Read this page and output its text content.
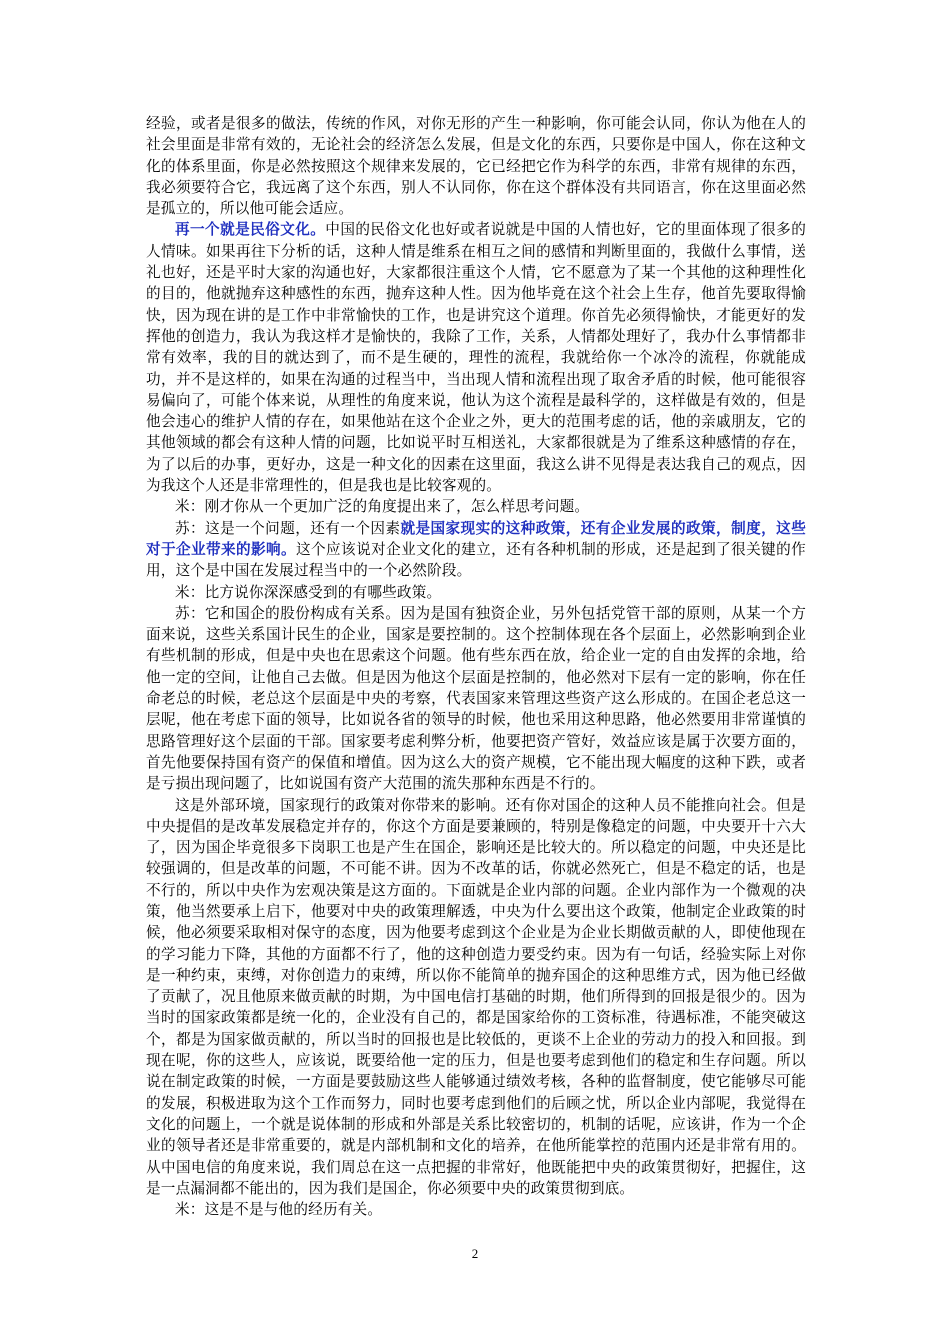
经验，或者是很多的做法，传统的作风，对你无形的产生一种影响，你可能会认同，你认为他在人的社会里面是非常有效的，无论社会的经济怎么发展，但是文化的东西，只要你是中国人，你在这种文化的体系里面，你是必然按照这个规律来发展的，它已经把它作为科学的东西，非常有规律的东西，我必须要符合它，我远离了这个东西，别人不认同你，你在这个群体没有共同语言，你在这里面必然是孤立的，所以他可能会适应。

再一个就是民俗文化。中国的民俗文化也好或者说就是中国的人情也好，它的里面体现了很多的人情味。如果再往下分析的话，这种人情是维系在相互之间的感情和判断里面的，我做什么事情，送礼也好，还是平时大家的沟通也好，大家都很注重这个人情，它不愿意为了某一个其他的这种理性化的目的，他就抛弃这种感性的东西，抛弃这种人性。因为他毕竟在这个社会上生存，他首先要取得愉快，因为现在讲的是工作中非常愉快的工作，也是讲究这个道理。你首先必须得愉快，才能更好的发挥他的创造力，我认为我这样才是愉快的，我除了工作，关系，人情都处理好了，我办什么事情都非常有效率，我的目的就达到了，而不是生硬的，理性的流程，我就给你一个冰冷的流程，你就能成功，并不是这样的，如果在沟通的过程当中，当出现人情和流程出现了取舍矛盾的时候，他可能很容易偏向了，可能个体来说，从理性的角度来说，他认为这个流程是最科学的，这样做是有效的，但是他会违心的维护人情的存在，如果他站在这个企业之外，更大的范围考虑的话，他的亲戚朋友，它的其他领域的都会有这种人情的问题，比如说平时互相送礼，大家都很就是为了维系这种感情的存在，为了以后的办事，更好办，这是一种文化的因素在这里面，我这么讲不见得是表达我自己的观点，因为我这个人还是非常理性的，但是我也是比较客观的。

米：刚才你从一个更加广泛的角度提出来了，怎么样思考问题。

苏：这是一个问题，还有一个因素就是国家现实的这种政策，还有企业发展的政策，制度，这些对于企业带来的影响。这个应该说对企业文化的建立，还有各种机制的形成，还是起到了很关键的作用，这个是中国在发展过程当中的一个必然阶段。

米：比方说你深深感受到的有哪些政策。

苏：它和国企的股份构成有关系。因为是国有独资企业，另外包括党管干部的原则，从某一个方面来说，这些关系国计民生的企业，国家是要控制的。这个控制体现在各个层面上，必然影响到企业有些机制的形成，但是中央也在思索这个问题。他有些东西在放，给企业一定的自由发挥的余地，给他一定的空间，让他自己去做。但是因为他这个层面是控制的，他必然对下层有一定的影响，你在任命老总的时候，老总这个层面是中央的考察，代表国家来管理这些资产这么形成的。在国企老总这一层呢，他在考虑下面的领导，比如说各省的领导的时候，他也采用这种思路，他必然要用非常谨慎的思路管理好这个层面的干部。国家要考虑利弊分析，他要把资产管好，效益应该是属于次要方面的，首先他要保持国有资产的保值和增值。因为这么大的资产规模，它不能出现大幅度的这种下跌，或者是亏损出现问题了，比如说国有资产大范围的流失那种东西是不行的。

这是外部环境，国家现行的政策对你带来的影响。还有你对国企的这种人员不能推向社会。但是中央提倡的是改革发展稳定并存的，你这个方面是要兼顾的，特别是像稳定的问题，中央要开十六大了，因为国企毕竟很多下岗职工也是产生在国企，影响还是比较大的。所以稳定的问题，中央还是比较强调的，但是改革的问题，不可能不讲。因为不改革的话，你就必然死亡，但是不稳定的话，也是不行的，所以中央作为宏观决策是这方面的。下面就是企业内部的问题。企业内部作为一个微观的决策，他当然要承上启下，他要对中央的政策理解透，中央为什么要出这个政策，他制定企业政策的时候，他必须要采取相对保守的态度，因为他要考虑到这个企业是为企业长期做贡献的人，即使他现在的学习能力下降，其他的方面都不行了，他的这种创造力要受约束。因为有一句话，经验实际上对你是一种约束，束缚，对你创造力的束缚，所以你不能简单的抛弃国企的这种思维方式，因为他已经做了贡献了，况且他原来做贡献的时期，为中国电信打基础的时期，他们所得到的回报是很少的。因为当时的国家政策都是统一化的，企业没有自己的，都是国家给你的工资标准，待遇标准，不能突破这个，都是为国家做贡献的，所以当时的回报也是比较低的，更谈不上企业的劳动力的投入和回报。到现在呢，你的这些人，应该说，既要给他一定的压力，但是也要考虑到他们的稳定和生存问题。所以说在制定政策的时候，一方面是要鼓励这些人能够通过绩效考核，各种的监督制度，使它能够尽可能的发展，积极进取为这个工作而努力，同时也要考虑到他们的后顾之忧，所以企业内部呢，我觉得在文化的问题上，一个就是说体制的形成和外部是关系比较密切的，机制的话呢，应该讲，作为一个企业的领导者还是非常重要的，就是内部机制和文化的培养，在他所能掌控的范围内还是非常有用的。从中国电信的角度来说，我们周总在这一点把握的非常好，他既能把中央的政策贯彻好，把握住，这是一点漏洞都不能出的，因为我们是国企，你必须要中央的政策贯彻到底。

米：这是不是与他的经历有关。

2
